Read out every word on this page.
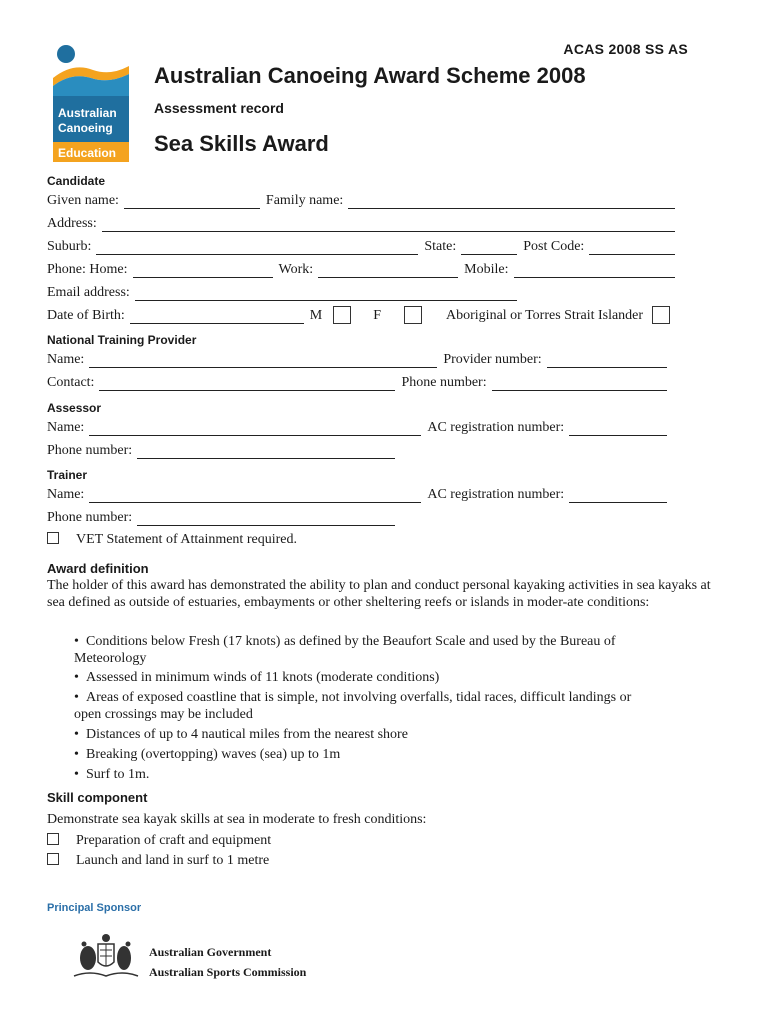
ACAS 2008 SS AS
Australian
Canoeing
Education
Australian Canoeing Award Scheme 2008
Assessment record
Sea Skills Award
Candidate
Given name:	Family name:
Address:
Suburb:	State:	Post Code:
Phone: Home:	Work:	Mobile:
Email address:
Date of Birth:	M	F	Aboriginal or Torres Strait Islander
National Training Provider
Name:	Provider number:
Contact:	Phone number:
Assessor
Name:	AC registration number:
Phone number:
Trainer
Name:	AC registration number:
Phone number:
VET Statement of Attainment required.
Award definition
The holder of this award has demonstrated the ability to plan and conduct personal kayaking activities in sea kayaks at sea defined as outside of estuaries, embayments or other sheltering reefs or islands in moder-ate conditions:
• Conditions below Fresh (17 knots) as defined by the Beaufort Scale and used by the Bureau of
Meteorology
• Assessed in minimum winds of 11 knots (moderate conditions)
• Areas of exposed coastline that is simple, not involving overfalls, tidal races, difficult landings or
open crossings may be included
• Distances of up to 4 nautical miles from the nearest shore
• Breaking (overtopping) waves (sea) up to 1m
• Surf to 1m.
Skill component
Demonstrate sea kayak skills at sea in moderate to fresh conditions:
Preparation of craft and equipment
Launch and land in surf to 1 metre
Principal Sponsor
Australian Government
Australian Sports Commission
